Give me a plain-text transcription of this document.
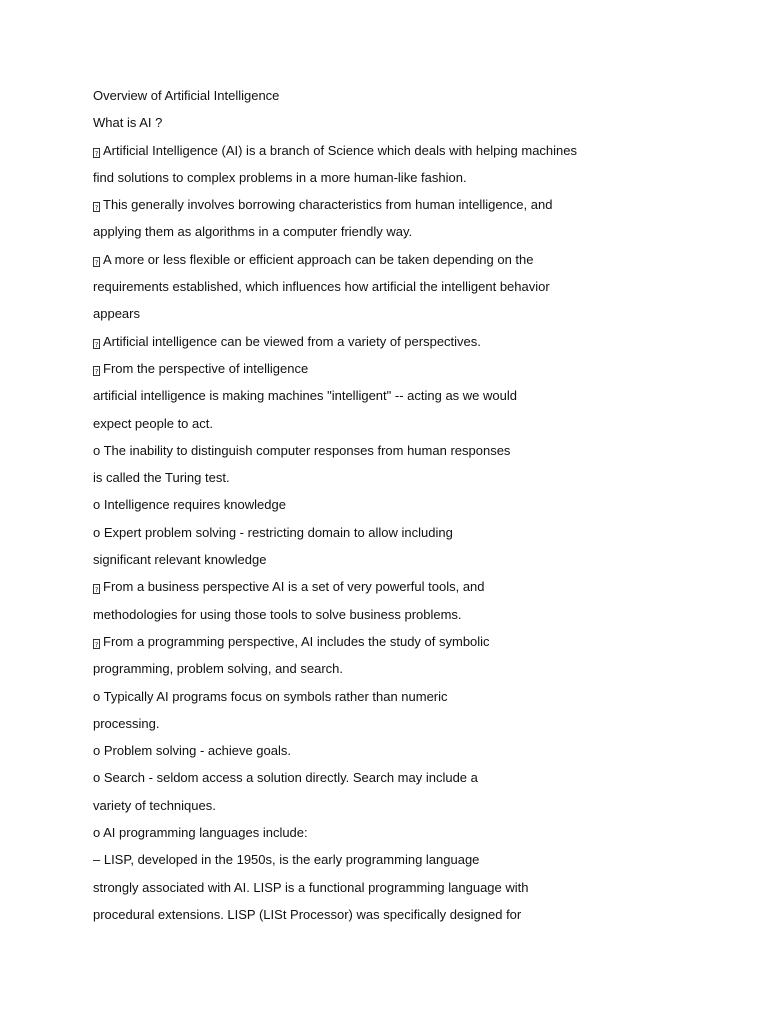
Overview of Artificial Intelligence
What is AI ?
? Artificial Intelligence (AI) is a branch of Science which deals with helping machines
find solutions to complex problems in a more human-like fashion.
? This generally involves borrowing characteristics from human intelligence, and
applying them as algorithms in a computer friendly way.
? A more or less flexible or efficient approach can be taken depending on the
requirements established, which influences how artificial the intelligent behavior
appears
? Artificial intelligence can be viewed from a variety of perspectives.
? From the perspective of intelligence
artificial intelligence is making machines "intelligent" -- acting as we would
expect people to act.
o The inability to distinguish computer responses from human responses
is called the Turing test.
o Intelligence requires knowledge
o Expert problem solving - restricting domain to allow including
significant relevant knowledge
? From a business perspective AI is a set of very powerful tools, and
methodologies for using those tools to solve business problems.
? From a programming perspective, AI includes the study of symbolic
programming, problem solving, and search.
o Typically AI programs focus on symbols rather than numeric
processing.
o Problem solving - achieve goals.
o Search - seldom access a solution directly. Search may include a
variety of techniques.
o AI programming languages include:
– LISP, developed in the 1950s, is the early programming language
strongly associated with AI. LISP is a functional programming language with
procedural extensions. LISP (LISt Processor) was specifically designed for
